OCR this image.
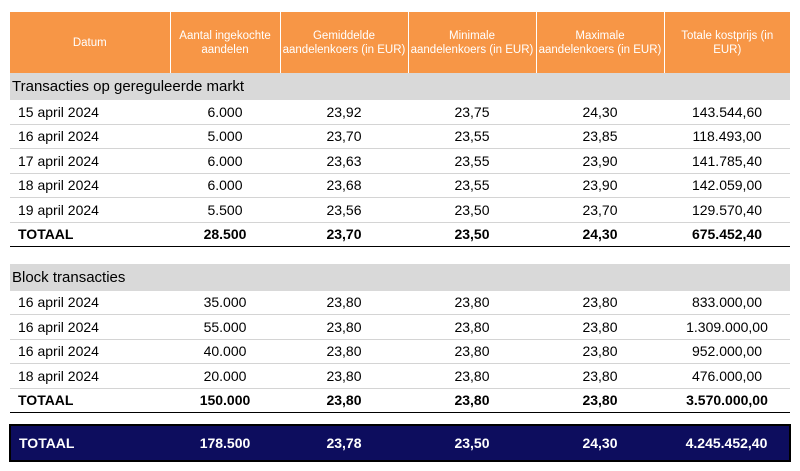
Datum	Aantal ingekochte aandelen	Gemiddelde aandelenkoers (in EUR)	Minimale aandelenkoers (in EUR)	Maximale aandelenkoers (in EUR)	Totale kostprijs (in EUR)
Transacties op gereguleerde markt					
15 april 2024	6.000	23,92	23,75	24,30	143.544,60
16 april 2024	5.000	23,70	23,55	23,85	118.493,00
17 april 2024	6.000	23,63	23,55	23,90	141.785,40
18 april 2024	6.000	23,68	23,55	23,90	142.059,00
19 april 2024	5.500	23,56	23,50	23,70	129.570,40
TOTAAL	28.500	23,70	23,50	24,30	675.452,40

Block transacties					
16 april 2024	35.000	23,80	23,80	23,80	833.000,00
16 april 2024	55.000	23,80	23,80	23,80	1.309.000,00
16 april 2024	40.000	23,80	23,80	23,80	952.000,00
18 april 2024	20.000	23,80	23,80	23,80	476.000,00
TOTAAL	150.000	23,80	23,80	23,80	3.570.000,00

TOTAAL	178.500	23,78	23,50	24,30	4.245.452,40
